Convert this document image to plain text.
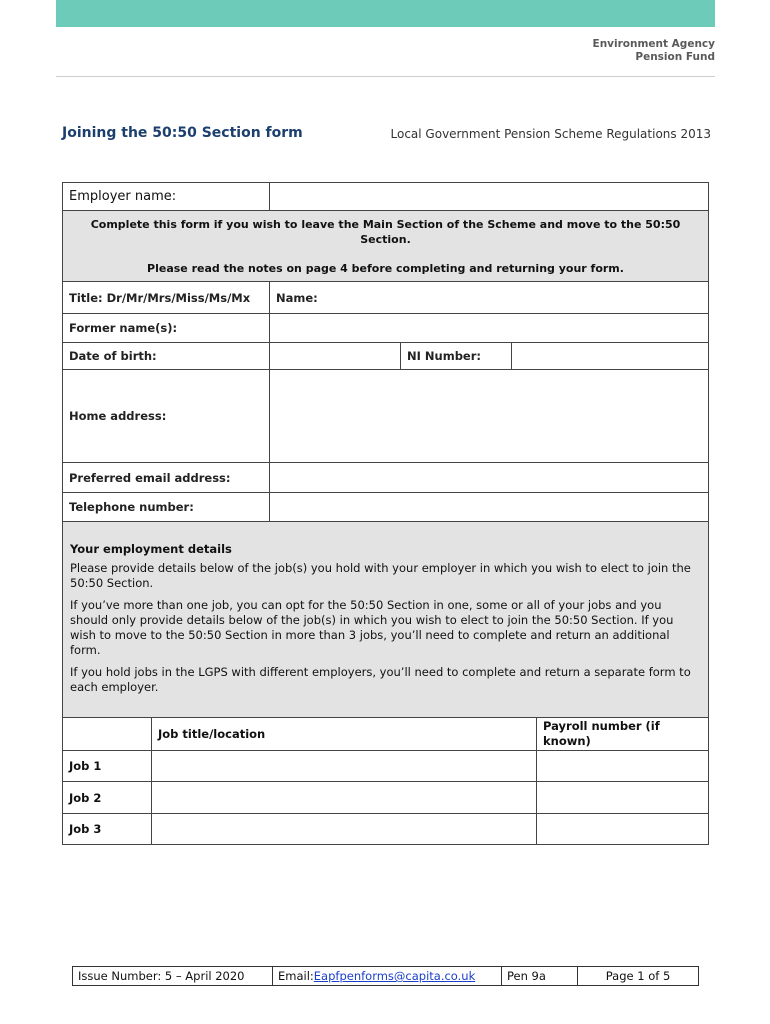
Environment Agency
Pension Fund
Joining the 50:50 Section form	Local Government Pension Scheme Regulations 2013
Employer name:			

Complete this form if you wish to leave the Main Section of the Scheme and move to the 50:50 Section.
Please read the notes on page 4 before completing and returning your form.			

Title: Dr/Mr/Mrs/Miss/Ms/Mx	Name:		
Former name(s):			
Date of birth:		NI Number:	
Home address:			
Preferred email address:			
Telephone number:			

Your employment details

Please provide details below of the job(s) you hold with your employer in which you wish to elect to join the 50:50 Section.

If you’ve more than one job, you can opt for the 50:50 Section in one, some or all of your jobs and you should only provide details below of the job(s) in which you wish to elect to join the 50:50 Section. If you wish to move to the 50:50 Section in more than 3 jobs, you’ll need to complete and return an additional form.

If you hold jobs in the LGPS with different employers, you’ll need to complete and return a separate form to each employer.			

	Job title/location	Payroll number (if known)
Job 1		
Job 2		
Job 3		
Issue Number: 5 – April 2020	Email: Eapfpenforms@capita.co.uk	Pen 9a	Page 1 of 5
